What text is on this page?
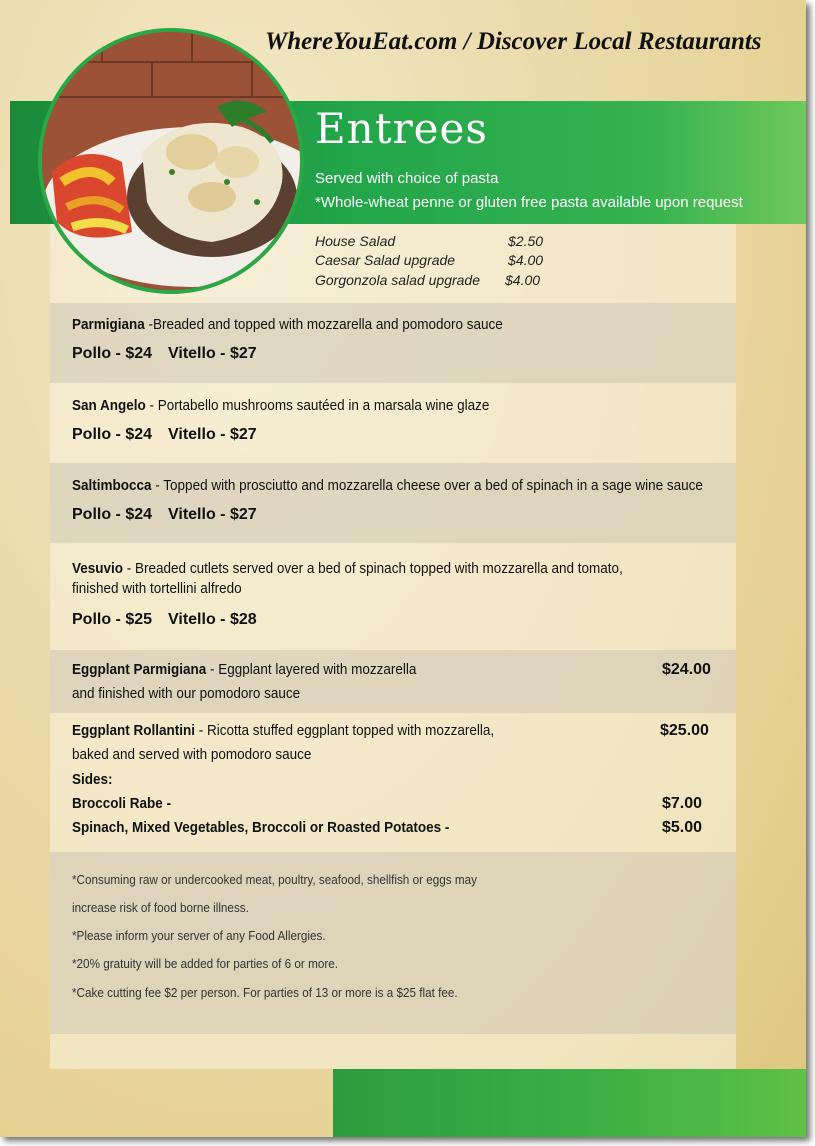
WhereYouEat.com / Discover Local Restaurants
Entrees
Served with choice of pasta
*Whole-wheat penne or gluten free pasta available upon request
House Salad	$2.50
Caesar Salad upgrade	$4.00
Gorgonzola salad upgrade $4.00
Parmigiana -Breaded and topped with mozzarella and pomodoro sauce
Pollo - $24 Vitello - $27
San Angelo - Portabello mushrooms sautéed in a marsala wine glaze
Pollo - $24 Vitello - $27
Saltimbocca - Topped with prosciutto and mozzarella cheese over a bed of spinach in a sage wine sauce
Pollo - $24 Vitello - $27
Vesuvio - Breaded cutlets served over a bed of spinach topped with mozzarella and tomato,
finished with tortellini alfredo
Pollo - $25 Vitello - $28
Eggplant Parmigiana - Eggplant layered with mozzarella
and finished with our pomodoro sauce
$24.00
Eggplant Rollantini - Ricotta stuffed eggplant topped with mozzarella,
baked and served with pomodoro sauce
$25.00
Sides:
Broccoli Rabe -	$7.00
Spinach, Mixed Vegetables, Broccoli or Roasted Potatoes -	$5.00
*Consuming raw or undercooked meat, poultry, seafood, shellfish or eggs may
increase risk of food borne illness.
*Please inform your server of any Food Allergies.
*20% gratuity will be added for parties of 6 or more.
*Cake cutting fee $2 per person. For parties of 13 or more is a $25 flat fee.
